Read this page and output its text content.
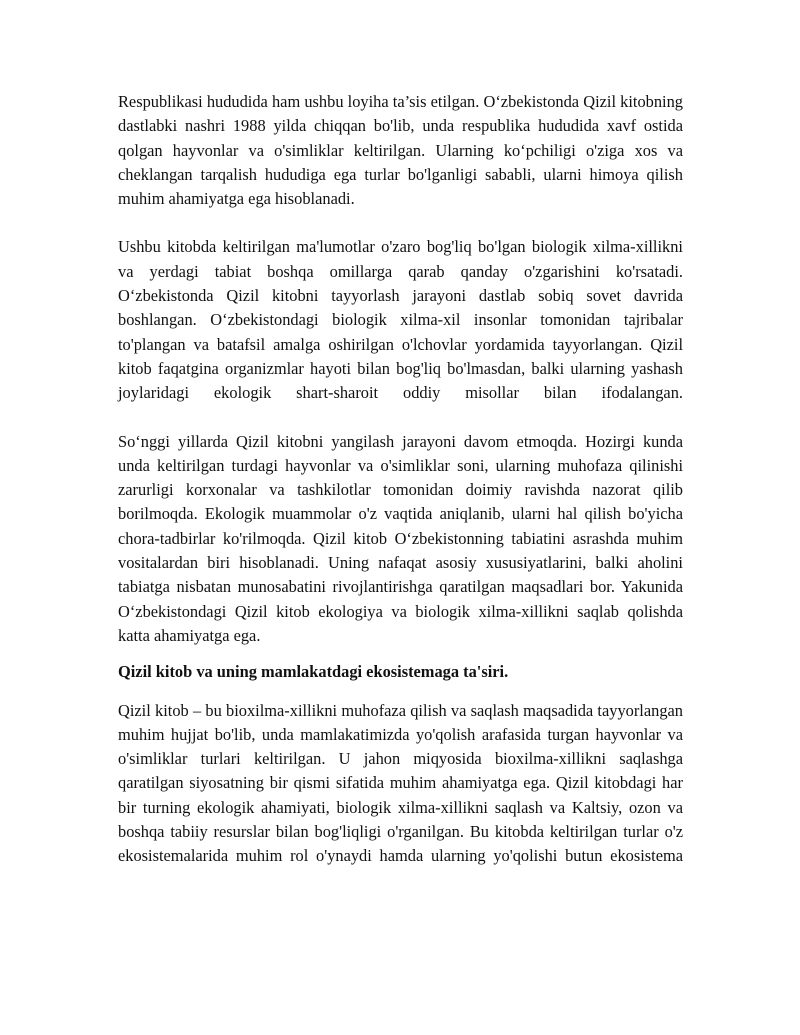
Respublikasi hududida ham ushbu loyiha ta’sis etilgan. O‘zbekistonda Qizil kitobning dastlabki nashri 1988 yilda chiqqan bo'lib, unda respublika hududida xavf ostida qolgan hayvonlar va o'simliklar keltirilgan. Ularning ko‘pchiligi o'ziga xos va cheklangan tarqalish hududiga ega turlar bo'lganligi sababli, ularni himoya qilish muhim ahamiyatga ega hisoblanadi.

Ushbu kitobda keltirilgan ma'lumotlar o'zaro bog'liq bo'lgan biologik xilma-xillikni va yerdagi tabiat boshqa omillarga qarab qanday o'zgarishini ko'rsatadi. O‘zbekistonda Qizil kitobni tayyorlash jarayoni dastlab sobiq sovet davrida boshlangan. O‘zbekistondagi biologik xilma-xil insonlar tomonidan tajribalar to'plangan va batafsil amalga oshirilgan o'lchovlar yordamida tayyorlangan. Qizil kitob faqatgina organizmlar hayoti bilan bog'liq bo'lmasdan, balki ularning yashash joylaridagi ekologik shart-sharoit oddiy misollar bilan ifodalangan.

So‘nggi yillarda Qizil kitobni yangilash jarayoni davom etmoqda. Hozirgi kunda unda keltirilgan turdagi hayvonlar va o'simliklar soni, ularning muhofaza qilinishi zarurligi korxonalar va tashkilotlar tomonidan doimiy ravishda nazorat qilib borilmoqda. Ekologik muammolar o'z vaqtida aniqlanib, ularni hal qilish bo'yicha chora-tadbirlar ko'rilmoqda. Qizil kitob O‘zbekistonning tabiatini asrashda muhim vositalardan biri hisoblanadi. Uning nafaqat asosiy xususiyatlarini, balki aholini tabiatga nisbatan munosabatini rivojlantirishga qaratilgan maqsadlari bor. Yakunida O‘zbekistondagi Qizil kitob ekologiya va biologik xilma-xillikni saqlab qolishda katta ahamiyatga ega.

Qizil kitob va uning mamlakatdagi ekosistemaga ta'siri.

Qizil kitob – bu bioxilma-xillikni muhofaza qilish va saqlash maqsadida tayyorlangan muhim hujjat bo'lib, unda mamlakatimizda yo'qolish arafasida turgan hayvonlar va o'simliklar turlari keltirilgan. U jahon miqyosida bioxilma-xillikni saqlashga qaratilgan siyosatning bir qismi sifatida muhim ahamiyatga ega. Qizil kitobdagi har bir turning ekologik ahamiyati, biologik xilma-xillikni saqlash va Kaltsiy, ozon va boshqa tabiiy resurslar bilan bog'liqligi o'rganilgan. Bu kitobda keltirilgan turlar o'z ekosistemalarida muhim rol o'ynaydi hamda ularning yo'qolishi butun ekosistema
